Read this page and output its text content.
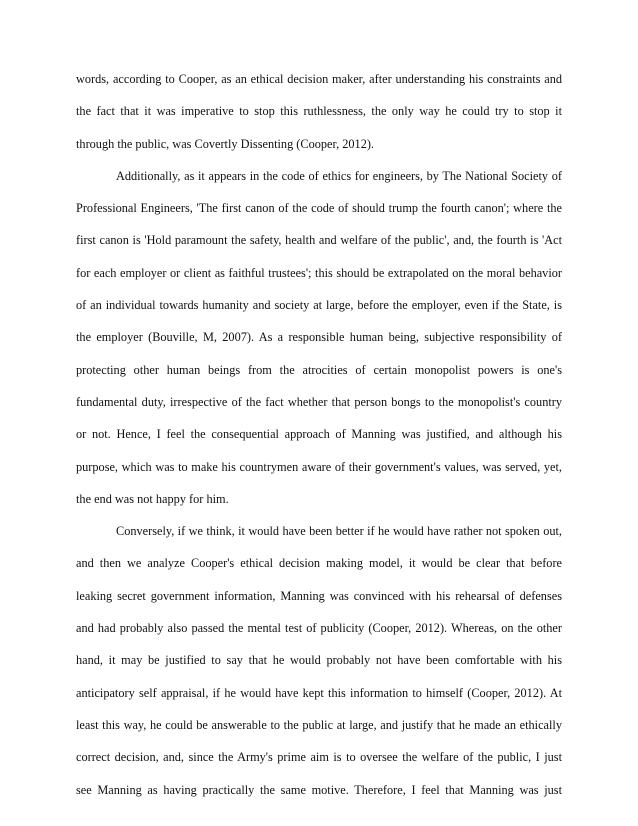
words, according to Cooper, as an ethical decision maker, after understanding his constraints and
the fact that it was imperative to stop this ruthlessness, the only way he could try to stop it
through the public, was Covertly Dissenting (Cooper, 2012).
Additionally, as it appears in the code of ethics for engineers, by The National Society of
Professional Engineers, 'The first canon of the code of should trump the fourth canon'; where the
first canon is 'Hold paramount the safety, health and welfare of the public', and, the fourth is 'Act
for each employer or client as faithful trustees'; this should be extrapolated on the moral behavior
of an individual towards humanity and society at large, before the employer, even if the State, is
the employer (Bouville, M, 2007). As a responsible human being, subjective responsibility of
protecting other human beings from the atrocities of certain monopolist powers is one's
fundamental duty, irrespective of the fact whether that person bongs to the monopolist's country
or not. Hence, I feel the consequential approach of Manning was justified, and although his
purpose, which was to make his countrymen aware of their government's values, was served, yet,
the end was not happy for him.
Conversely, if we think, it would have been better if he would have rather not spoken out,
and then we analyze Cooper's ethical decision making model, it would be clear that before
leaking secret government information, Manning was convinced with his rehearsal of defenses
and had probably also passed the mental test of publicity (Cooper, 2012). Whereas, on the other
hand, it may be justified to say that he would probably not have been comfortable with his
anticipatory self appraisal, if he would have kept this information to himself (Cooper, 2012). At
least this way, he could be answerable to the public at large, and justify that he made an ethically
correct decision, and, since the Army's prime aim is to oversee the welfare of the public, I just
see Manning as having practically the same motive. Therefore, I feel that Manning was just
